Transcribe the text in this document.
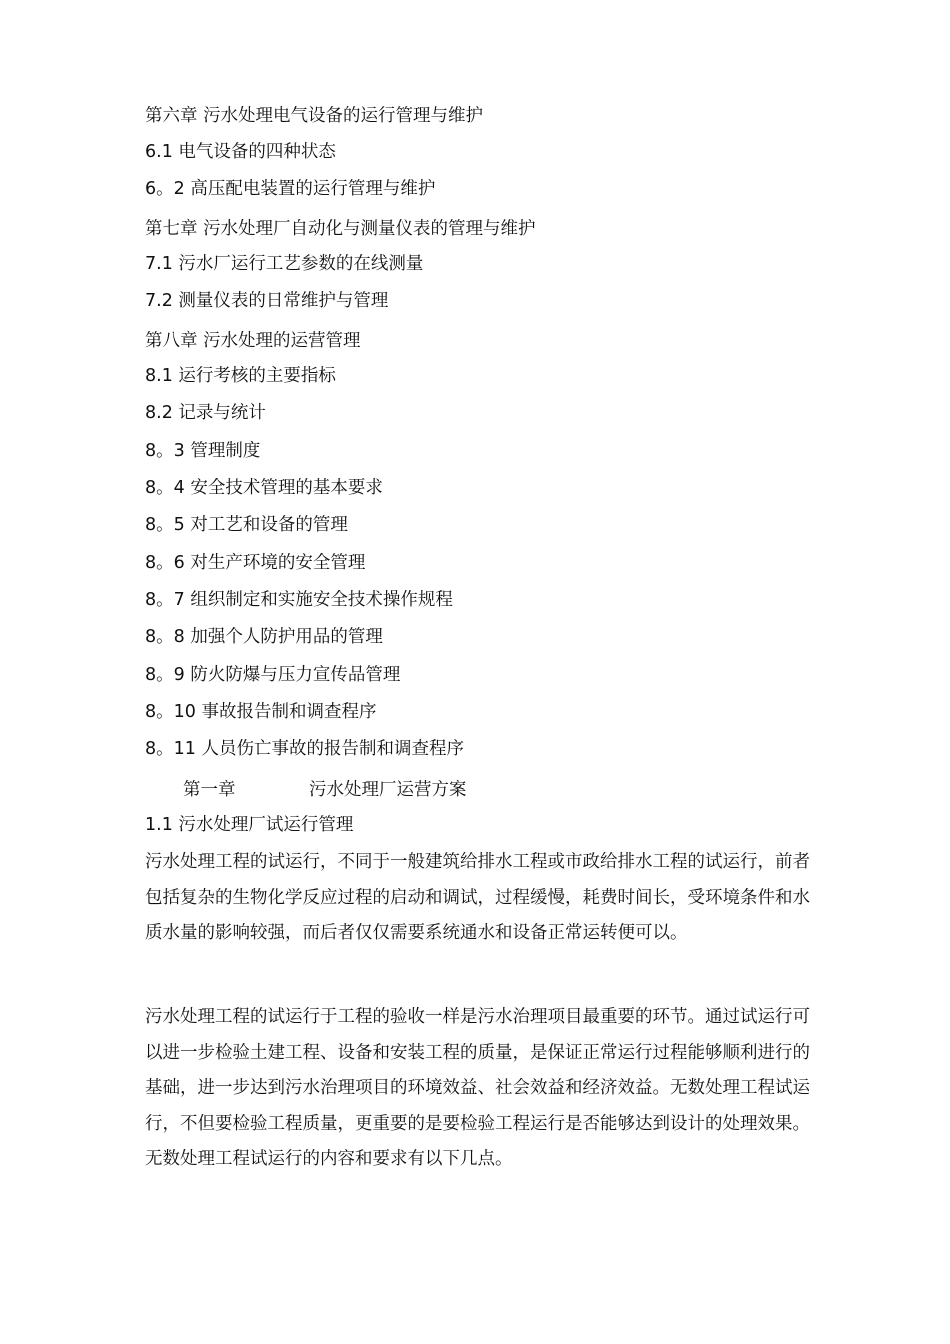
第六章 污水处理电气设备的运行管理与维护
6.1 电气设备的四种状态
6。2 高压配电装置的运行管理与维护
第七章 污水处理厂自动化与测量仪表的管理与维护
7.1 污水厂运行工艺参数的在线测量
7.2 测量仪表的日常维护与管理
第八章 污水处理的运营管理
8.1 运行考核的主要指标
8.2 记录与统计
8。3 管理制度
8。4 安全技术管理的基本要求
8。5 对工艺和设备的管理
8。6 对生产环境的安全管理
8。7 组织制定和实施安全技术操作规程
8。8 加强个人防护用品的管理
8。9 防火防爆与压力宣传品管理
8。10 事故报告制和调查程序
8。11 人员伤亡事故的报告制和调查程序
第一章	污水处理厂运营方案
1.1 污水处理厂试运行管理
污水处理工程的试运行，不同于一般建筑给排水工程或市政给排水工程的试运行，前者包括复杂的生物化学反应过程的启动和调试，过程缓慢，耗费时间长，受环境条件和水质水量的影响较强，而后者仅仅需要系统通水和设备正常运转便可以。
污水处理工程的试运行于工程的验收一样是污水治理项目最重要的环节。通过试运行可以进一步检验土建工程、设备和安装工程的质量，是保证正常运行过程能够顺利进行的基础，进一步达到污水治理项目的环境效益、社会效益和经济效益。无数处理工程试运行，不但要检验工程质量，更重要的是要检验工程运行是否能够达到设计的处理效果。无数处理工程试运行的内容和要求有以下几点。
